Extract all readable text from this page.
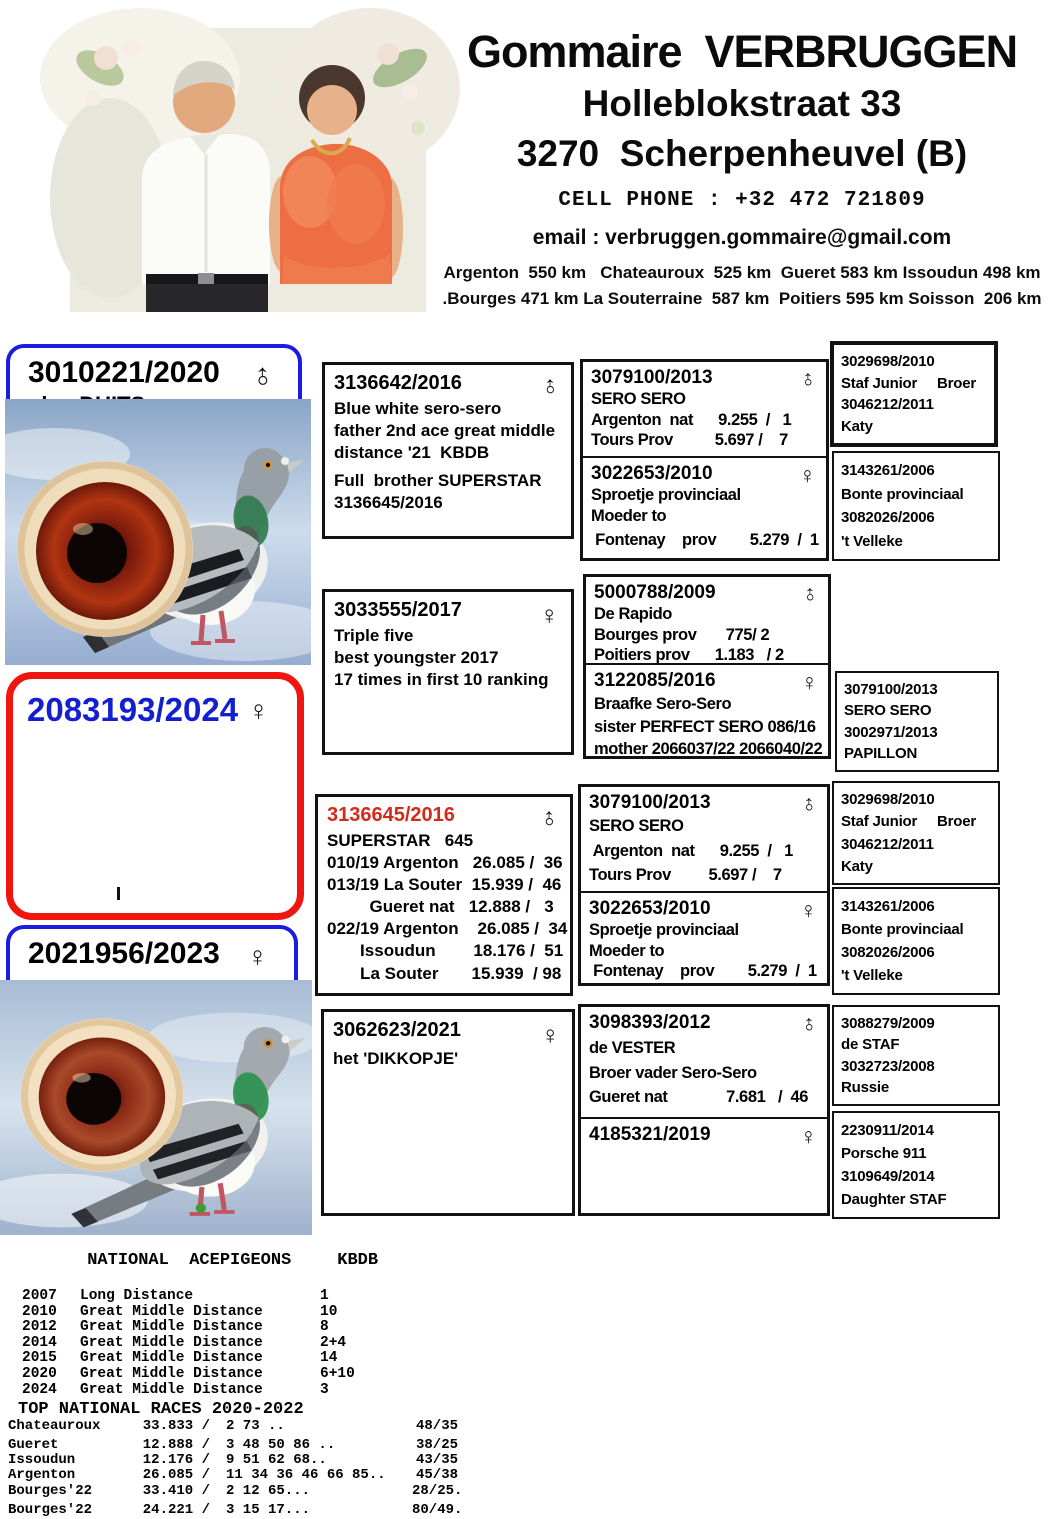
Gommaire  VERBRUGGEN
Holleblokstraat 33
3270  Scherpenheuvel (B)
CELL PHONE : +32 472 721809
email : verbruggen.gommaire@gmail.com
Argenton  550 km   Chateauroux  525 km  Gueret 583 km Issoudun 498 km
.Bourges 471 km La Souterraine  587 km  Poitiers 595 km Soisson  206 km
3010221/2020 ♂
2083193/2024 ♀
2021956/2023 ♀
3136642/2016	♂
Blue white sero-sero
father 2nd ace great middle
distance '21  KBDB
Full  brother SUPERSTAR
3136645/2016
3033555/2017	♀
Triple five
best youngster 2017
17 times in first 10 ranking
3136645/2016	♂
SUPERSTAR   645
010/19 Argenton   26.085 /  36
013/19 La Souter  15.939 /  46
Gueret nat   12.888 /   3
022/19 Argenton    26.085 /  34
Issoudun        18.176 /  51
La Souter       15.939  / 98
3062623/2021	♀
het 'DIKKOPJE'
3079100/2013	♂
SERO SERO
Argenton  nat      9.255  /   1
Tours Prov          5.697 /    7
3022653/2010	♀
Sproetje provinciaal
Moeder to
Fontenay    prov        5.279  /  1
5000788/2009	♂
De Rapido
Bourges prov       775/ 2
Poitiers prov      1.183   / 2
3122085/2016	♀
Braafke Sero-Sero
sister PERFECT SERO 086/16
mother 2066037/22 2066040/22
3079100/2013	♂
SERO SERO
Argenton  nat      9.255  /   1
Tours Prov         5.697 /    7
3022653/2010	♀
Sproetje provinciaal
Moeder to
Fontenay    prov        5.279  /  1
3098393/2012	♂
de VESTER
Broer vader Sero-Sero
Gueret nat              7.681   /  46
4185321/2019	♀
3029698/2010
Staf Junior     Broer
3046212/2011
Katy
3143261/2006
Bonte provinciaal
3082026/2006
't Velleke
3079100/2013
SERO SERO
3002971/2013
PAPILLON
3029698/2010
Staf Junior     Broer
3046212/2011
Katy
3143261/2006
Bonte provinciaal
3082026/2006
't Velleke
3088279/2009
de STAF
3032723/2008
Russie
2230911/2014
Porsche 911
3109649/2014
Daughter STAF

NATIONAL  ACEPIGEONS	KBDB

2007	Long Distance	1
2010	Great Middle Distance	10
2012	Great Middle Distance	8
2014	Great Middle Distance	2+4
2015	Great Middle Distance	14
2020	Great Middle Distance	6+10
2024	Great Middle Distance	3
TOP NATIONAL RACES 2020-2022
Chateauroux	33.833 /	2 73 ..	48/35
Gueret	12.888 /	3 48 50 86 ..	38/25
Issoudun	12.176 /	9 51 62 68..	43/35
Argenton	26.085 /	11 34 36 46 66 85..	45/38
Bourges'22	33.410 /	2 12 65...	28/25.
Bourges'22	24.221 /	3 15 17...	80/49.
